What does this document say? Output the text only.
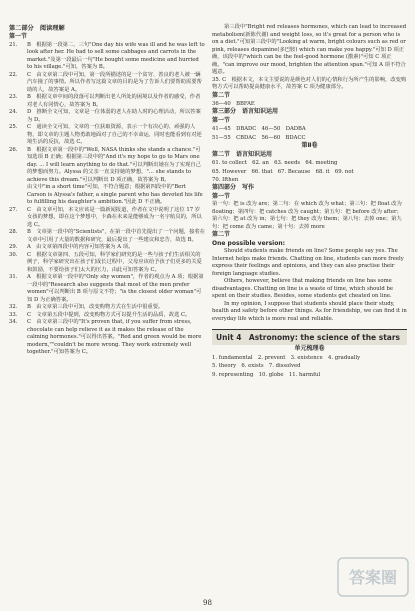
第二部分　阅读理解
第一节
21.	B　根据第一段第二、三句"One day his wife was ill and he was left to look after her. He had to sell some cabbages and carrots in the market."及第一段最后一句"He bought some medicine and hurried to his village."可知，答案为 B。
22.	C　由文章第二段中可知，第一段所描述的是一个贫穷、善良的老人被一辆汽车撞了的事情。所以作者写这篇文章的目的是为了告诉人们要帮助需要帮助的人，故答案是 A。
23.	B　根据文章中间的段落可以判断出老人所处的困境以及作者的感受，作者对老人有同情心，故答案为 B。
24.	D　推断全文可知，文章是一位体弱的老人在助人时的心理活动，所以答案为 D。
25.	C　通读全文可知，文章的一位获取资源，表示一个有决心的、顽强的人物，即文章的主题人物勇敢地面对了自己的不幸命运，同时也能看到有对逆境生活的反抗，故选 C。
26.	B　根据文章第一段中的"Well, NASA thinks she stands a chance."可知选项 B 正确；根据第三段中的"And it's my hope to go to Mars one day. ... I will learn anything to do that."可以判断出她在为了实现自己的梦想而努力。Alyssa 的父亲一直支持她的梦想，"... she stands to achieve this dream."可以判断出 D 项正确，故答案为 B。
由文中"in a short time"可知，不符合题意；根据第四段中的"Bert Carson is Alyssa's father, a single parent who has devoted his life to fulfilling his daughter's ambition."因此 D 不正确。
27.	C　由文章可知，本文应该是一篇新闻报道，作者在文中说明了这位 17 岁女孩的梦想，即在这个梦想中，卡森在未来是能够成为一名宇航员的，所以选 C。
28.	B　文章第一段中的"Scientists"，在第一段中首先提出了一个问题，接着在文章中引用了大量的数据和研究，最后提出了一些建议和忠告，故选 B。
29.	A　由文章第四段中的内容可知答案为 A 项。
30.	C　根据文章第四、五段可知，科学家们研究的是一些与孩子们生活相关的例子，科学家研究出在孩子们成长过程中，父母应该给予孩子们更多的关爱和鼓励，不要给孩子们太大的压力，由此可知答案为 C。
31.	A　根据文章第一段中的"Only shy women"，作者的观点为 A 项；根据第一段中的"Research also suggests that most of the men prefer women"可以判断出 B 项与原文不符；"is the closest older woman"可知 D 为正确答案。
32.	B　由文章第三段中可知，改变购物方式在生活中很重要。
33.	C　文章第五段中提到，改变购物方式可以提升生活的品质，故选 C。
34.	C　由文章第三段中的"It's proven that, if you suffer from stress, chocolate can help relieve it as it makes the release of the calming hormones."可以得出答案。"Red and green would be more modern,""couldn't be more wrong. They work extremely well together."可知答案为 C。
第三段中"Bright red releases hormones, which can lead to increased metabolism(新陈代谢) and weight loss, so it's great for a person who is on a diet."可知第三段中的"Looking at warm, bright colours such as red or pink, releases dopamine(多巴胺) which can make you happy."可知 D 项正确，该段中的"which can be the feel-good hormone (激素)"可知 C 项正确。"can improve our mood, brighten the attention span."可知 A 项不符合题意。
35. C　根据本文，本文主要说的是颜色对人们的心情和行为所产生的影响，改变购物方式可以帮助提高健康水平，故答案 C 项为健康部分。
第二节
36—40　BBFAE
第三部分　语言知识运用
第一节
41—45　DBADC　46—50　DADBA
51—55　CBDAC　56—60　BDACC
第Ⅱ卷
第二节　语言知识运用
61. to collect　62. an　63. needs　64. meeting
65. However　66. that　67. Because　68. it　69. not
70. Ifthen
第四部分　写作
第一节
第一句：把 is 改为 are；第二句：在 which 改为 what；第三句：把 float 改为 floating；第四句：把 catches 改为 caught；第五句：把 before 改为 after；第六句：把 at 改为 in；第七句：把 they 改为 them；第八句：去掉 one；第九句：把 come 改为 came；第十句：去掉 more
第二节
One possible version:
Should students make friends on line? Some people say yes. The Internet helps make friends. Chatting on line, students can more freely express their feelings and opinions, and they can also practise their foreign language studies.
Others, however, believe that making friends on line has some disadvantages. Chatting on line is a waste of time, which should be spent on their studies. Besides, some students get cheated on line.
In my opinion, I suppose that students should place their study, health and safety before other things. As for friendship, we can find it in everyday life which is more real and reliable.
Unit 4　Astronomy: the science of the stars
单元梳理卷
1. fundamental　2. prevent　3. existence　4. gradually
5. theory　6. exists　7. dissolved
9. representing　10. globe　11. harmful
答案圈
98
